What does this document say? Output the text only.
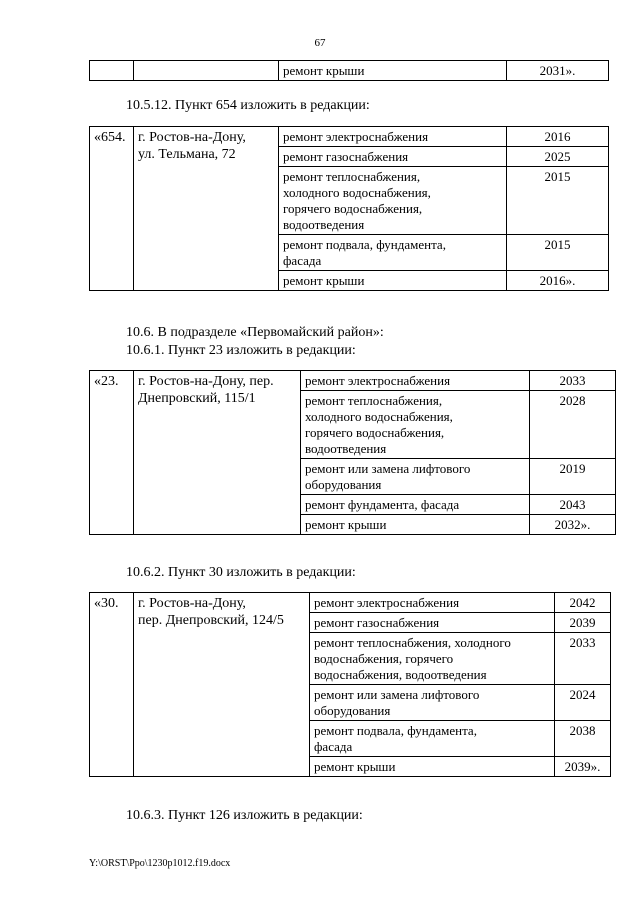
67
		ремонт крыши	2031».
10.5.12. Пункт 654 изложить в редакции:
«654.	г. Ростов-на-Дону,
ул. Тельмана, 72	ремонт электроснабжения	2016
		ремонт газоснабжения	2025
		ремонт теплоснабжения,
холодного водоснабжения,
горячего водоснабжения,
водоотведения	2015
		ремонт подвала, фундамента,
фасада	2015
		ремонт крыши	2016».
10.6. В подразделе «Первомайский район»:
10.6.1. Пункт 23 изложить в редакции:
«23.	г. Ростов-на-Дону, пер.
Днепровский, 115/1	ремонт электроснабжения	2033
		ремонт теплоснабжения,
холодного водоснабжения,
горячего водоснабжения,
водоотведения	2028
		ремонт или замена лифтового
оборудования	2019
		ремонт фундамента, фасада	2043
		ремонт крыши	2032».
10.6.2. Пункт 30 изложить в редакции:
«30.	г. Ростов-на-Дону,
пер. Днепровский, 124/5	ремонт электроснабжения	2042
		ремонт газоснабжения	2039
		ремонт теплоснабжения, холодного
водоснабжения, горячего
водоснабжения, водоотведения	2033
		ремонт или замена лифтового
оборудования	2024
		ремонт подвала, фундамента,
фасада	2038
		ремонт крыши	2039».
10.6.3. Пункт 126 изложить в редакции:
Y:\ORST\Ppo\1230p1012.f19.docx
